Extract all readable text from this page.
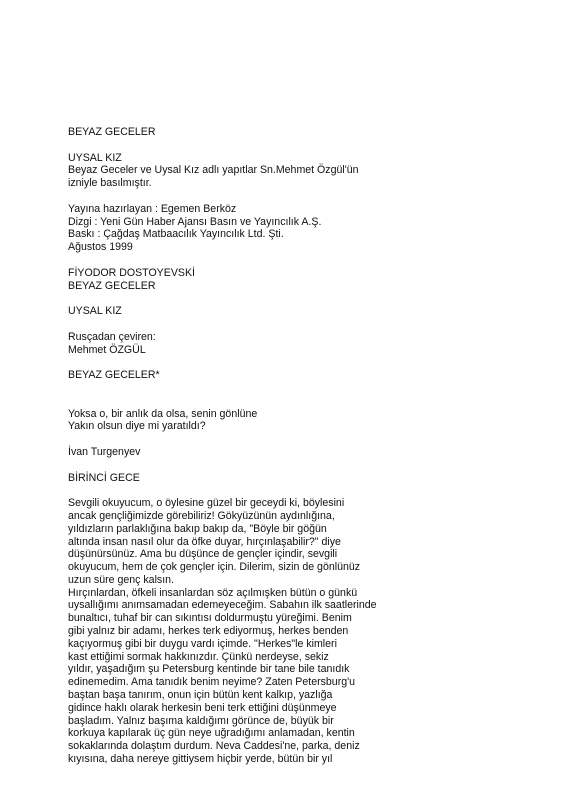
BEYAZ GECELER
UYSAL KIZ
Beyaz Geceler ve Uysal Kız adlı yapıtlar Sn.Mehmet Özgül'ün
izniyle basılmıştır.
Yayına hazırlayan : Egemen Berköz
Dizgi : Yeni Gün Haber Ajansı Basın ve Yayıncılık A.Ş.
Baskı : Çağdaş Matbaacılık Yayıncılık Ltd. Şti.
Ağustos 1999
FİYODOR DOSTOYEVSKİ
BEYAZ GECELER
UYSAL KIZ
Rusçadan çeviren:
Mehmet ÖZGÜL
BEYAZ GECELER*
Yoksa o, bir anlık da olsa, senin gönlüne
Yakın olsun diye mi yaratıldı?
İvan Turgenyev
BİRİNCİ GECE
Sevgili okuyucum, o öylesine güzel bir geceydi ki, böylesini
ancak gençliğimizde görebiliriz! Gökyüzünün aydınlığına,
yıldızların parlaklığına bakıp bakıp da, "Böyle bir göğün
altında insan nasıl olur da öfke duyar, hırçınlaşabilir?" diye
düşünürsünüz. Ama bu düşünce de gençler içindir, sevgili
okuyucum, hem de çok gençler için. Dilerim, sizin de gönlünüz
uzun süre genç kalsın.
Hırçınlardan, öfkeli insanlardan söz açılmışken bütün o günkü
uysallığımı anımsamadan edemeyeceğim. Sabahın ilk saatlerinde
bunaltıcı, tuhaf bir can sıkıntısı doldurmuştu yüreğimi. Benim
gibi yalnız bir adamı, herkes terk ediyormuş, herkes benden
kaçıyormuş gibi bir duygu vardı içimde. "Herkes"le kimleri
kast ettiğimi sormak hakkınızdır. Çünkü nerdeyse, sekiz
yıldır, yaşadığım şu Petersburg kentinde bir tane bile tanıdık
edinemedim. Ama tanıdık benim neyime? Zaten Petersburg'u
baştan başa tanırım, onun için bütün kent kalkıp, yazlığa
gidince haklı olarak herkesin beni terk ettiğini düşünmeye
başladım. Yalnız başıma kaldığımı görünce de, büyük bir
korkuya kapılarak üç gün neye uğradığımı anlamadan, kentin
sokaklarında dolaştım durdum. Neva Caddesi'ne, parka, deniz
kıyısına, daha nereye gittiysem hiçbir yerde, bütün bir yıl
